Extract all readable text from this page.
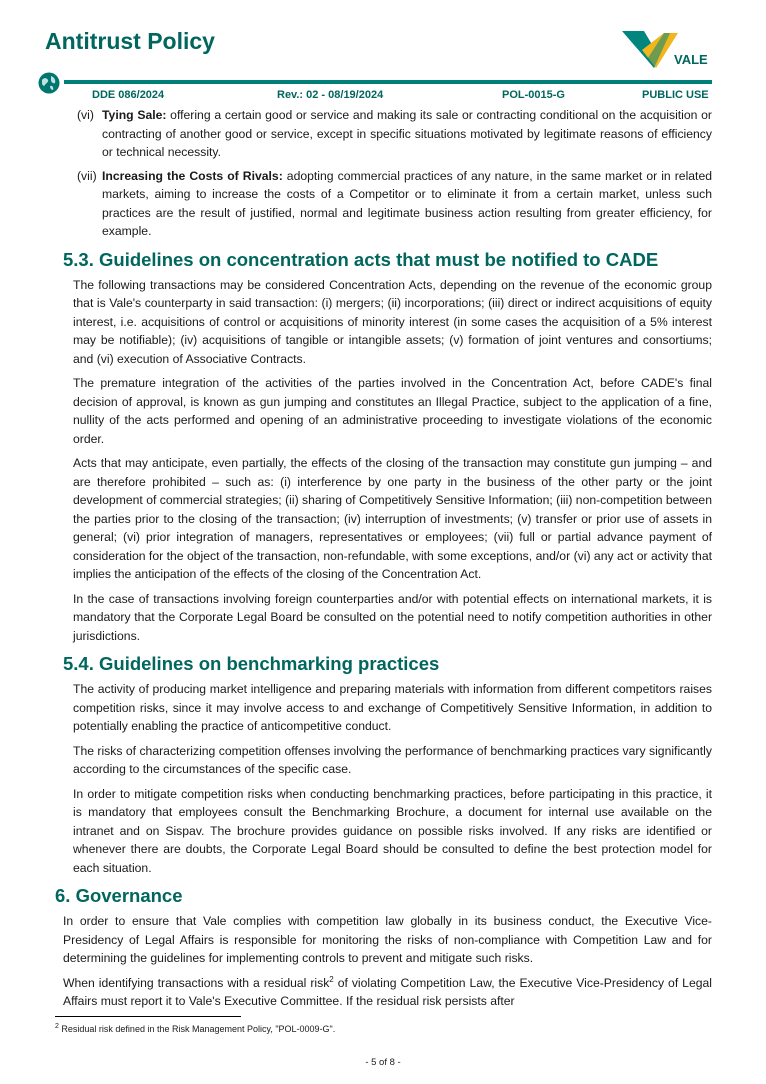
Antitrust Policy
VALE
DDE 086/2024	Rev.: 02 - 08/19/2024	POL-0015-G	PUBLIC USE
(vi) Tying Sale: offering a certain good or service and making its sale or contracting conditional on the acquisition or contracting of another good or service, except in specific situations motivated by legitimate reasons of efficiency or technical necessity.
(vii) Increasing the Costs of Rivals: adopting commercial practices of any nature, in the same market or in related markets, aiming to increase the costs of a Competitor or to eliminate it from a certain market, unless such practices are the result of justified, normal and legitimate business action resulting from greater efficiency, for example.
5.3. Guidelines on concentration acts that must be notified to CADE

The following transactions may be considered Concentration Acts, depending on the revenue of the economic group that is Vale's counterparty in said transaction: (i) mergers; (ii) incorporations; (iii) direct or indirect acquisitions of equity interest, i.e. acquisitions of control or acquisitions of minority interest (in some cases the acquisition of a 5% interest may be notifiable); (iv) acquisitions of tangible or intangible assets; (v) formation of joint ventures and consortiums; and (vi) execution of Associative Contracts.

The premature integration of the activities of the parties involved in the Concentration Act, before CADE's final decision of approval, is known as gun jumping and constitutes an Illegal Practice, subject to the application of a fine, nullity of the acts performed and opening of an administrative proceeding to investigate violations of the economic order.

Acts that may anticipate, even partially, the effects of the closing of the transaction may constitute gun jumping – and are therefore prohibited – such as: (i) interference by one party in the business of the other party or the joint development of commercial strategies; (ii) sharing of Competitively Sensitive Information; (iii) non-competition between the parties prior to the closing of the transaction; (iv) interruption of investments; (v) transfer or prior use of assets in general; (vi) prior integration of managers, representatives or employees; (vii) full or partial advance payment of consideration for the object of the transaction, non-refundable, with some exceptions, and/or (vi) any act or activity that implies the anticipation of the effects of the closing of the Concentration Act.

In the case of transactions involving foreign counterparties and/or with potential effects on international markets, it is mandatory that the Corporate Legal Board be consulted on the potential need to notify competition authorities in other jurisdictions.

5.4. Guidelines on benchmarking practices

The activity of producing market intelligence and preparing materials with information from different competitors raises competition risks, since it may involve access to and exchange of Competitively Sensitive Information, in addition to potentially enabling the practice of anticompetitive conduct.

The risks of characterizing competition offenses involving the performance of benchmarking practices vary significantly according to the circumstances of the specific case.

In order to mitigate competition risks when conducting benchmarking practices, before participating in this practice, it is mandatory that employees consult the Benchmarking Brochure, a document for internal use available on the intranet and on Sispav. The brochure provides guidance on possible risks involved. If any risks are identified or whenever there are doubts, the Corporate Legal Board should be consulted to define the best protection model for each situation.

6. Governance

In order to ensure that Vale complies with competition law globally in its business conduct, the Executive Vice-Presidency of Legal Affairs is responsible for monitoring the risks of non-compliance with Competition Law and for determining the guidelines for implementing controls to prevent and mitigate such risks.

When identifying transactions with a residual risk$^2$ of violating Competition Law, the Executive Vice-Presidency of Legal Affairs must report it to Vale's Executive Committee. If the residual risk persists after

$^2$ Residual risk defined in the Risk Management Policy, "POL-0009-G".
- 5 of 8 -
